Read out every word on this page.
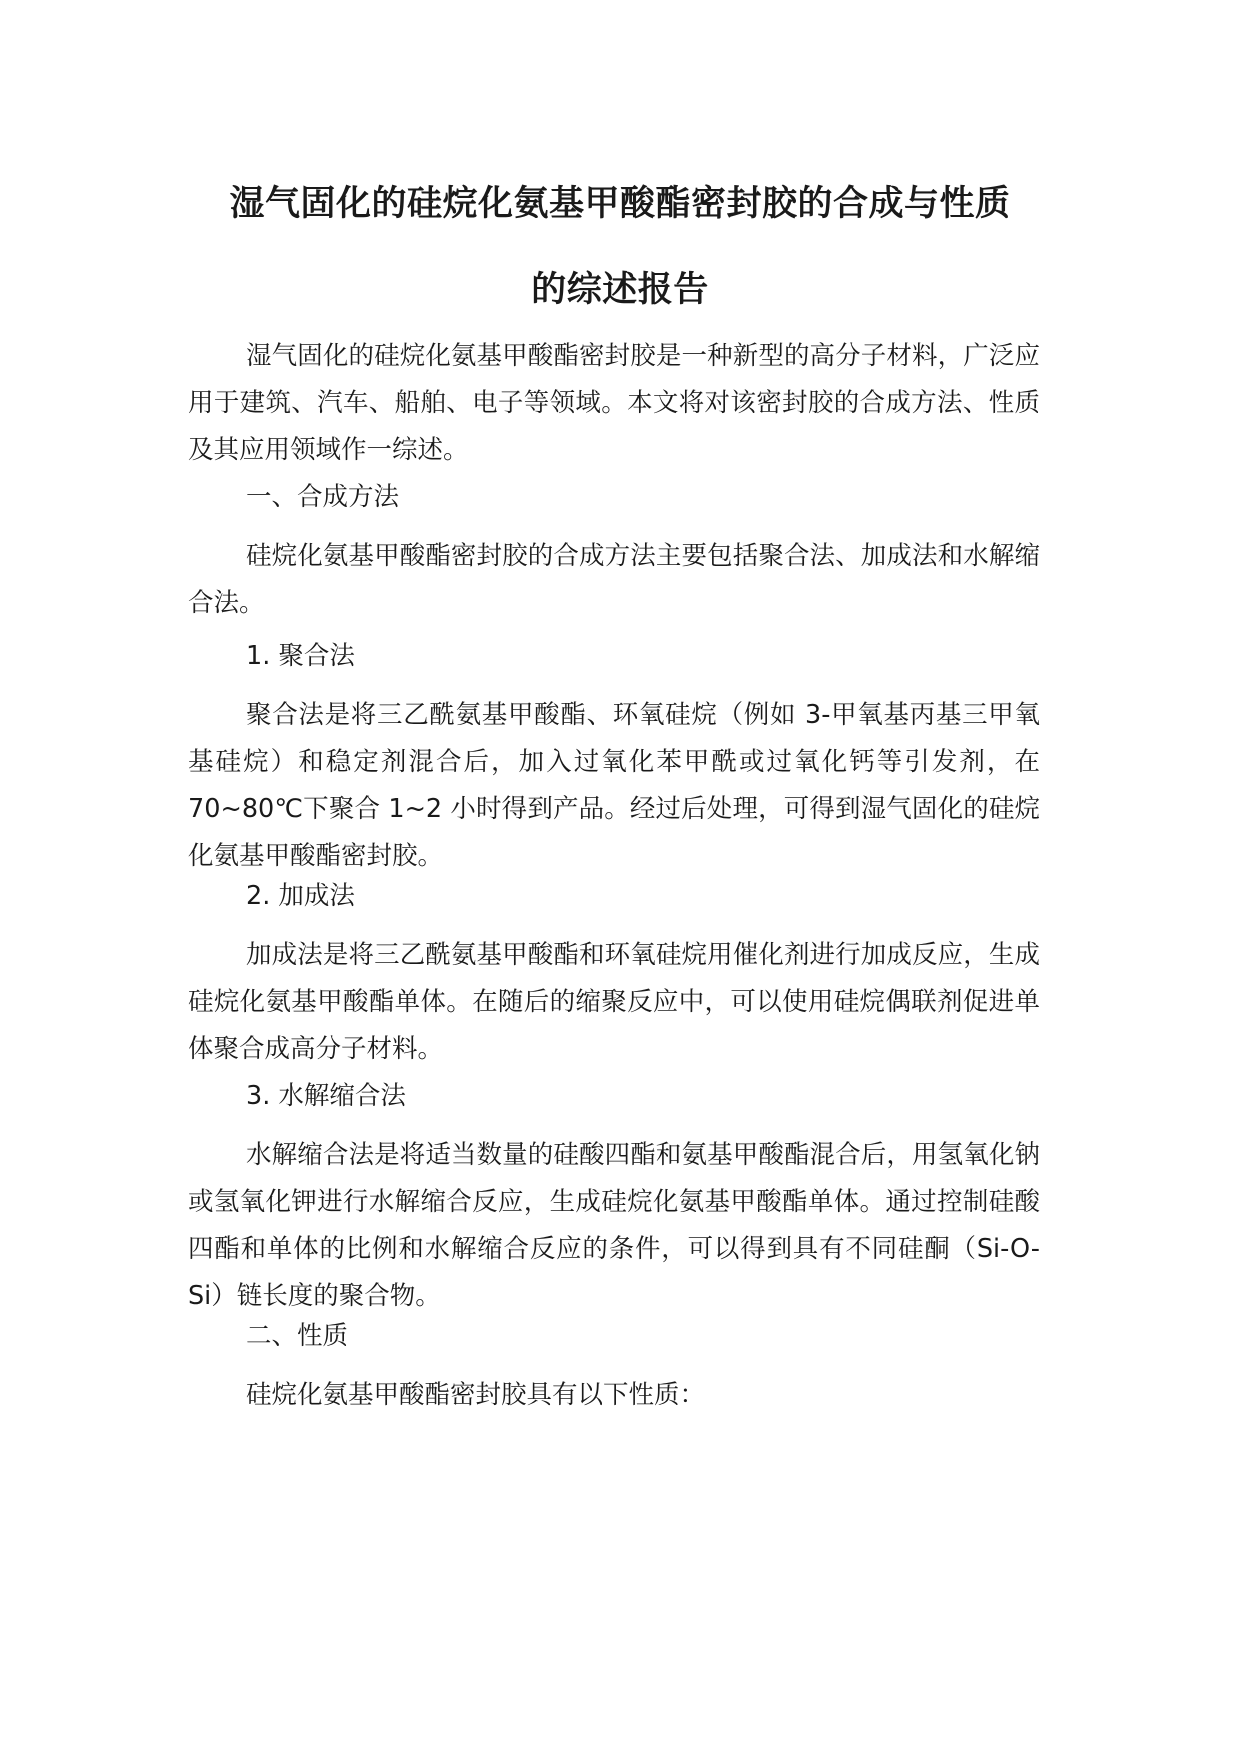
湿气固化的硅烷化氨基甲酸酯密封胶的合成与性质
的综述报告

湿气固化的硅烷化氨基甲酸酯密封胶是一种新型的高分子材料，广泛应用于建筑、汽车、船舶、电子等领域。本文将对该密封胶的合成方法、性质及其应用领域作一综述。

一、合成方法

硅烷化氨基甲酸酯密封胶的合成方法主要包括聚合法、加成法和水解缩合法。

1. 聚合法

聚合法是将三乙酰氨基甲酸酯、环氧硅烷（例如 3-甲氧基丙基三甲氧基硅烷）和稳定剂混合后，加入过氧化苯甲酰或过氧化钙等引发剂，在 70~80℃下聚合 1~2 小时得到产品。经过后处理，可得到湿气固化的硅烷化氨基甲酸酯密封胶。

2. 加成法

加成法是将三乙酰氨基甲酸酯和环氧硅烷用催化剂进行加成反应，生成硅烷化氨基甲酸酯单体。在随后的缩聚反应中，可以使用硅烷偶联剂促进单体聚合成高分子材料。

3. 水解缩合法

水解缩合法是将适当数量的硅酸四酯和氨基甲酸酯混合后，用氢氧化钠或氢氧化钾进行水解缩合反应，生成硅烷化氨基甲酸酯单体。通过控制硅酸四酯和单体的比例和水解缩合反应的条件，可以得到具有不同硅酮（Si-O-Si）链长度的聚合物。

二、性质

硅烷化氨基甲酸酯密封胶具有以下性质：
